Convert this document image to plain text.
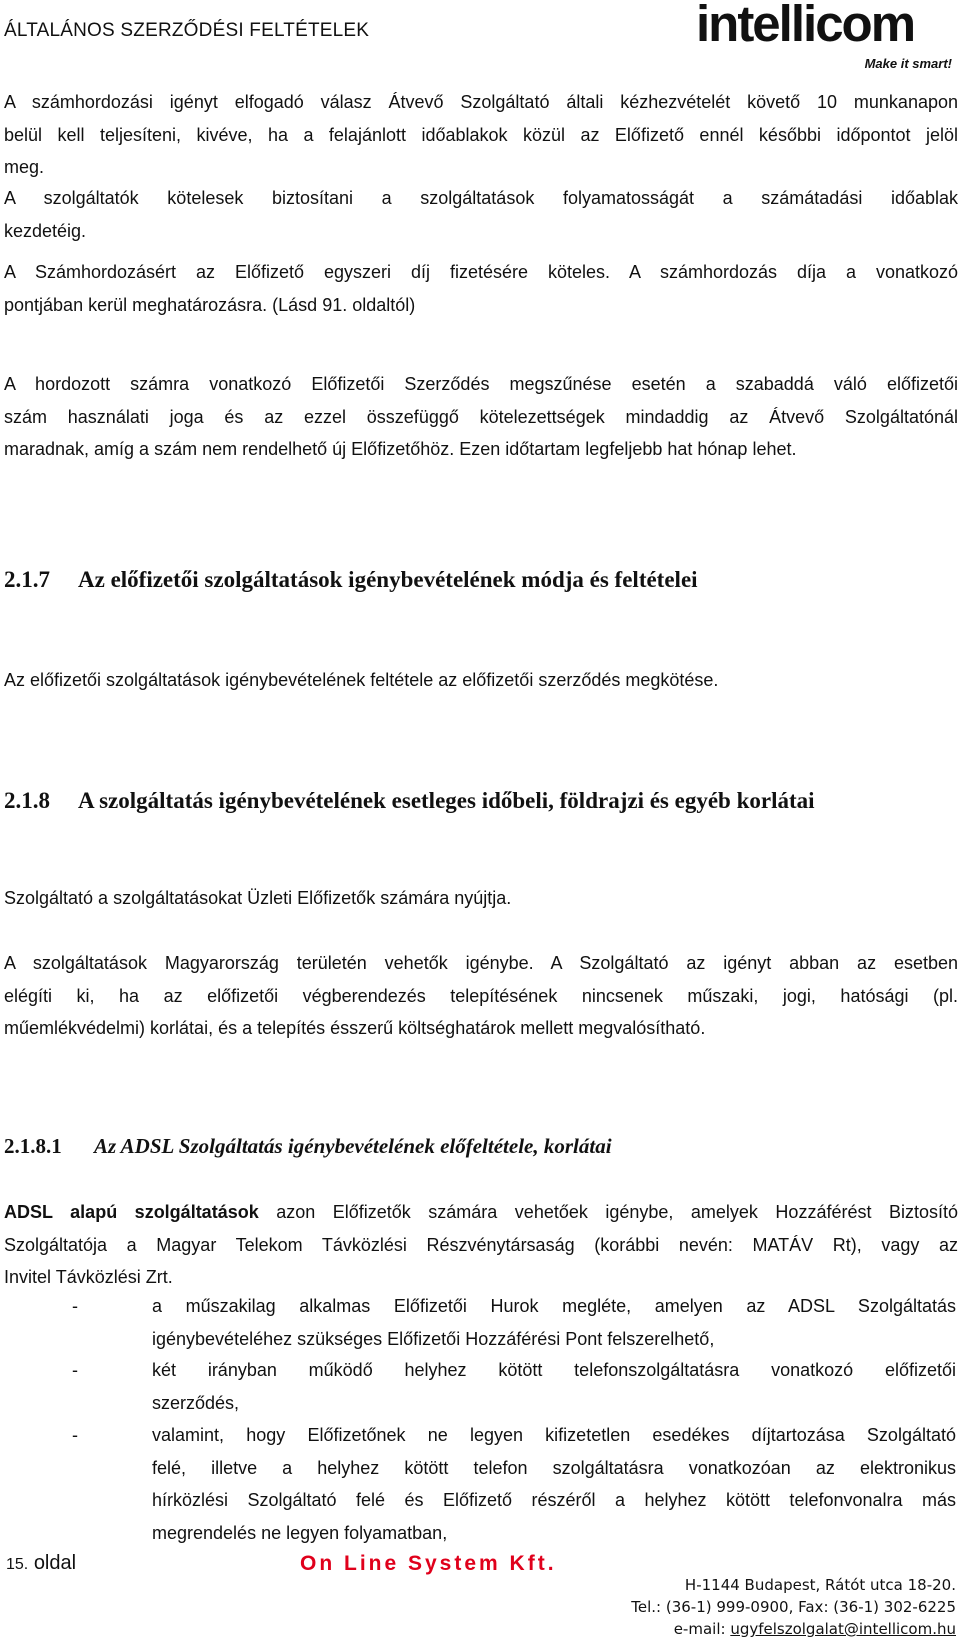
ÁLTALÁNOS SZERZŐDÉSI FELTÉTELEK	intellicom
Make it smart!
A számhordozási igényt elfogadó válasz Átvevő Szolgáltató általi kézhezvételét követő 10 munkanapon
belül kell teljesíteni, kivéve, ha a felajánlott időablakok közül az Előfizető ennél későbbi időpontot jelöl
meg.
A szolgáltatók kötelesek biztosítani a szolgáltatások folyamatosságát a számátadási időablak
kezdetéig.
A Számhordozásért az Előfizető egyszeri díj fizetésére köteles. A számhordozás díja a vonatkozó
pontjában kerül meghatározásra. (Lásd 91. oldaltól)
A hordozott számra vonatkozó Előfizetői Szerződés megszűnése esetén a szabaddá váló előfizetői
szám használati joga és az ezzel összefüggő kötelezettségek mindaddig az Átvevő Szolgáltatónál
maradnak, amíg a szám nem rendelhető új Előfizetőhöz. Ezen időtartam legfeljebb hat hónap lehet.
2.1.7 Az előfizetői szolgáltatások igénybevételének módja és feltételei
Az előfizetői szolgáltatások igénybevételének feltétele az előfizetői szerződés megkötése.
2.1.8 A szolgáltatás igénybevételének esetleges időbeli, földrajzi és egyéb korlátai
Szolgáltató a szolgáltatásokat Üzleti Előfizetők számára nyújtja.
A szolgáltatások Magyarország területén vehetők igénybe. A Szolgáltató az igényt abban az esetben
elégíti ki, ha az előfizetői végberendezés telepítésének nincsenek műszaki, jogi, hatósági (pl.
műemlékvédelmi) korlátai, és a telepítés ésszerű költséghatárok mellett megvalósítható.
2.1.8.1 Az ADSL Szolgáltatás igénybevételének előfeltétele, korlátai
ADSL alapú szolgáltatások azon Előfizetők számára vehetőek igénybe, amelyek Hozzáférést Biztosító
Szolgáltatója a Magyar Telekom Távközlési Részvénytársaság (korábbi nevén: MATÁV Rt), vagy az
Invitel Távközlési Zrt.
-	a műszakilag alkalmas Előfizetői Hurok megléte, amelyen az ADSL Szolgáltatás
igénybevételéhez szükséges Előfizetői Hozzáférési Pont felszerelhető,
-	két irányban működő helyhez kötött telefonszolgáltatásra vonatkozó előfizetői
szerződés,
-	valamint, hogy Előfizetőnek ne legyen kifizetetlen esedékes díjtartozása Szolgáltató
felé, illetve a helyhez kötött telefon szolgáltatásra vonatkozóan az elektronikus
hírközlési Szolgáltató felé és Előfizető részéről a helyhez kötött telefonvonalra más
megrendelés ne legyen folyamatban,
15. oldal	On Line System Kft.
H-1144 Budapest, Rátót utca 18-20.
Tel.: (36-1) 999-0900, Fax: (36-1) 302-6225
e-mail: ugyfelszolgalat@intellicom.hu
